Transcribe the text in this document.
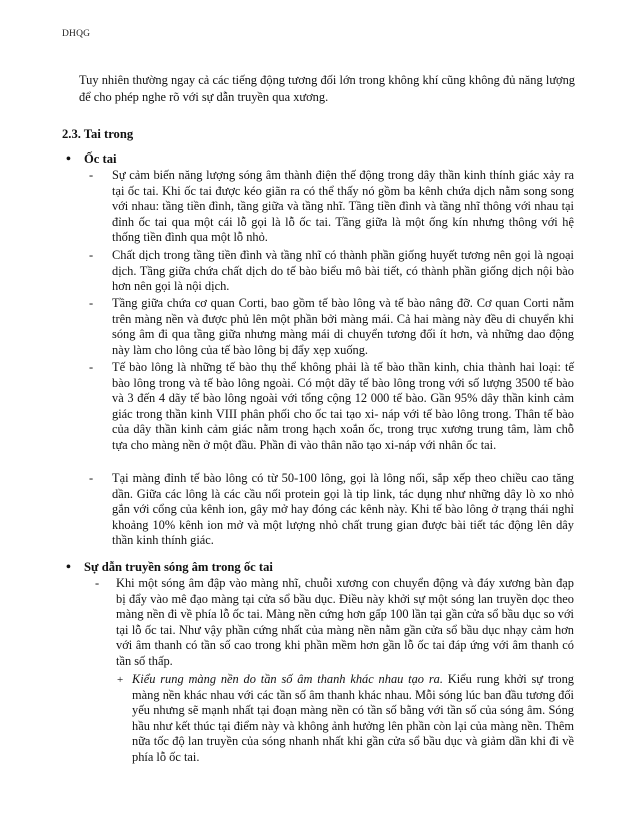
DHQG

Tuy nhiên thường ngay cả các tiếng động tương đối lớn trong không khí cũng không đủ năng lượng để cho phép nghe rõ với sự dẫn truyền qua xương.

2.3. Tai trong
• Ốc tai
- Sự cảm biến năng lượng sóng âm thành điện thế động trong dây thần kinh thính giác xảy ra tại ốc tai. Khi ốc tai được kéo giãn ra có thể thấy nó gồm ba kênh chứa dịch nằm song song với nhau: tầng tiền đình, tầng giữa và tầng nhĩ. Tầng tiền đình và tầng nhĩ thông với nhau tại đỉnh ốc tai qua một cái lỗ gọi là lỗ ốc tai. Tầng giữa là một ống kín nhưng thông với hệ thống tiền đình qua một lỗ nhỏ.

- Chất dịch trong tầng tiền đình và tầng nhĩ có thành phần giống huyết tương nên gọi là ngoại dịch. Tầng giữa chứa chất dịch do tế bào biểu mô bài tiết, có thành phần giống dịch nội bào hơn nên gọi là nội dịch.

- Tầng giữa chứa cơ quan Corti, bao gồm tế bào lông và tế bào nâng đỡ. Cơ quan Corti nằm trên màng nền và được phủ lên một phần bởi màng mái. Cả hai màng này đều di chuyển khi sóng âm đi qua tầng giữa nhưng màng mái di chuyển tương đối ít hơn, và những dao động này làm cho lông của tế bào lông bị đẩy xẹp xuống.

- Tế bào lông là những tế bào thụ thể không phải là tế bào thần kinh, chia thành hai loại: tế bào lông trong và tế bào lông ngoài. Có một dãy tế bào lông trong với số lượng 3500 tế bào và 3 đến 4 dãy tế bào lông ngoài với tổng cộng 12 000 tế bào. Gần 95% dây thần kinh cảm giác trong thần kinh VIII phân phối cho ốc tai tạo xi- náp với tế bào lông trong. Thân tế bào của dây thần kinh cảm giác nằm trong hạch xoắn ốc, trong trục xương trung tâm, làm chỗ tựa cho màng nền ở một đầu. Phần đi vào thân não tạo xi-náp với nhân ốc tai.

- Tại màng đỉnh tế bào lông có từ 50-100 lông, gọi là lông nối, sắp xếp theo chiều cao tăng dần. Giữa các lông là các cầu nối protein gọi là tip link, tác dụng như những dây lò xo nhỏ gắn với cổng của kênh ion, gây mở hay đóng các kênh này. Khi tế bào lông ở trạng thái nghỉ khoảng 10% kênh ion mở và một lượng nhỏ chất trung gian được bài tiết tác động lên dây thần kinh thính giác.

• Sự dẫn truyền sóng âm trong ốc tai
- Khi một sóng âm đập vào màng nhĩ, chuỗi xương con chuyển động và đáy xương bàn đạp bị đẩy vào mê đạo màng tại cửa sổ bầu dục. Điều này khởi sự một sóng lan truyền dọc theo màng nền đi về phía lỗ ốc tai. Màng nền cứng hơn gấp 100 lần tại gần cửa sổ bầu dục so với tại lỗ ốc tai. Như vậy phần cứng nhất của màng nền nằm gần cửa sổ bầu dục nhạy cảm hơn với âm thanh có tần số cao trong khi phần mềm hơn gần lỗ ốc tai đáp ứng với âm thanh có tần số thấp.

+ Kiểu rung màng nền do tần số âm thanh khác nhau tạo ra. Kiểu rung khởi sự trong màng nền khác nhau với các tần số âm thanh khác nhau. Mỗi sóng lúc ban đầu tương đối yếu nhưng sẽ mạnh nhất tại đoạn màng nền có tần số bằng với tần số của sóng âm. Sóng hầu như kết thúc tại điểm này và không ảnh hưởng lên phần còn lại của màng nền. Thêm nữa tốc độ lan truyền của sóng nhanh nhất khi gần cửa sổ bầu dục và giảm dần khi đi về phía lỗ ốc tai.
